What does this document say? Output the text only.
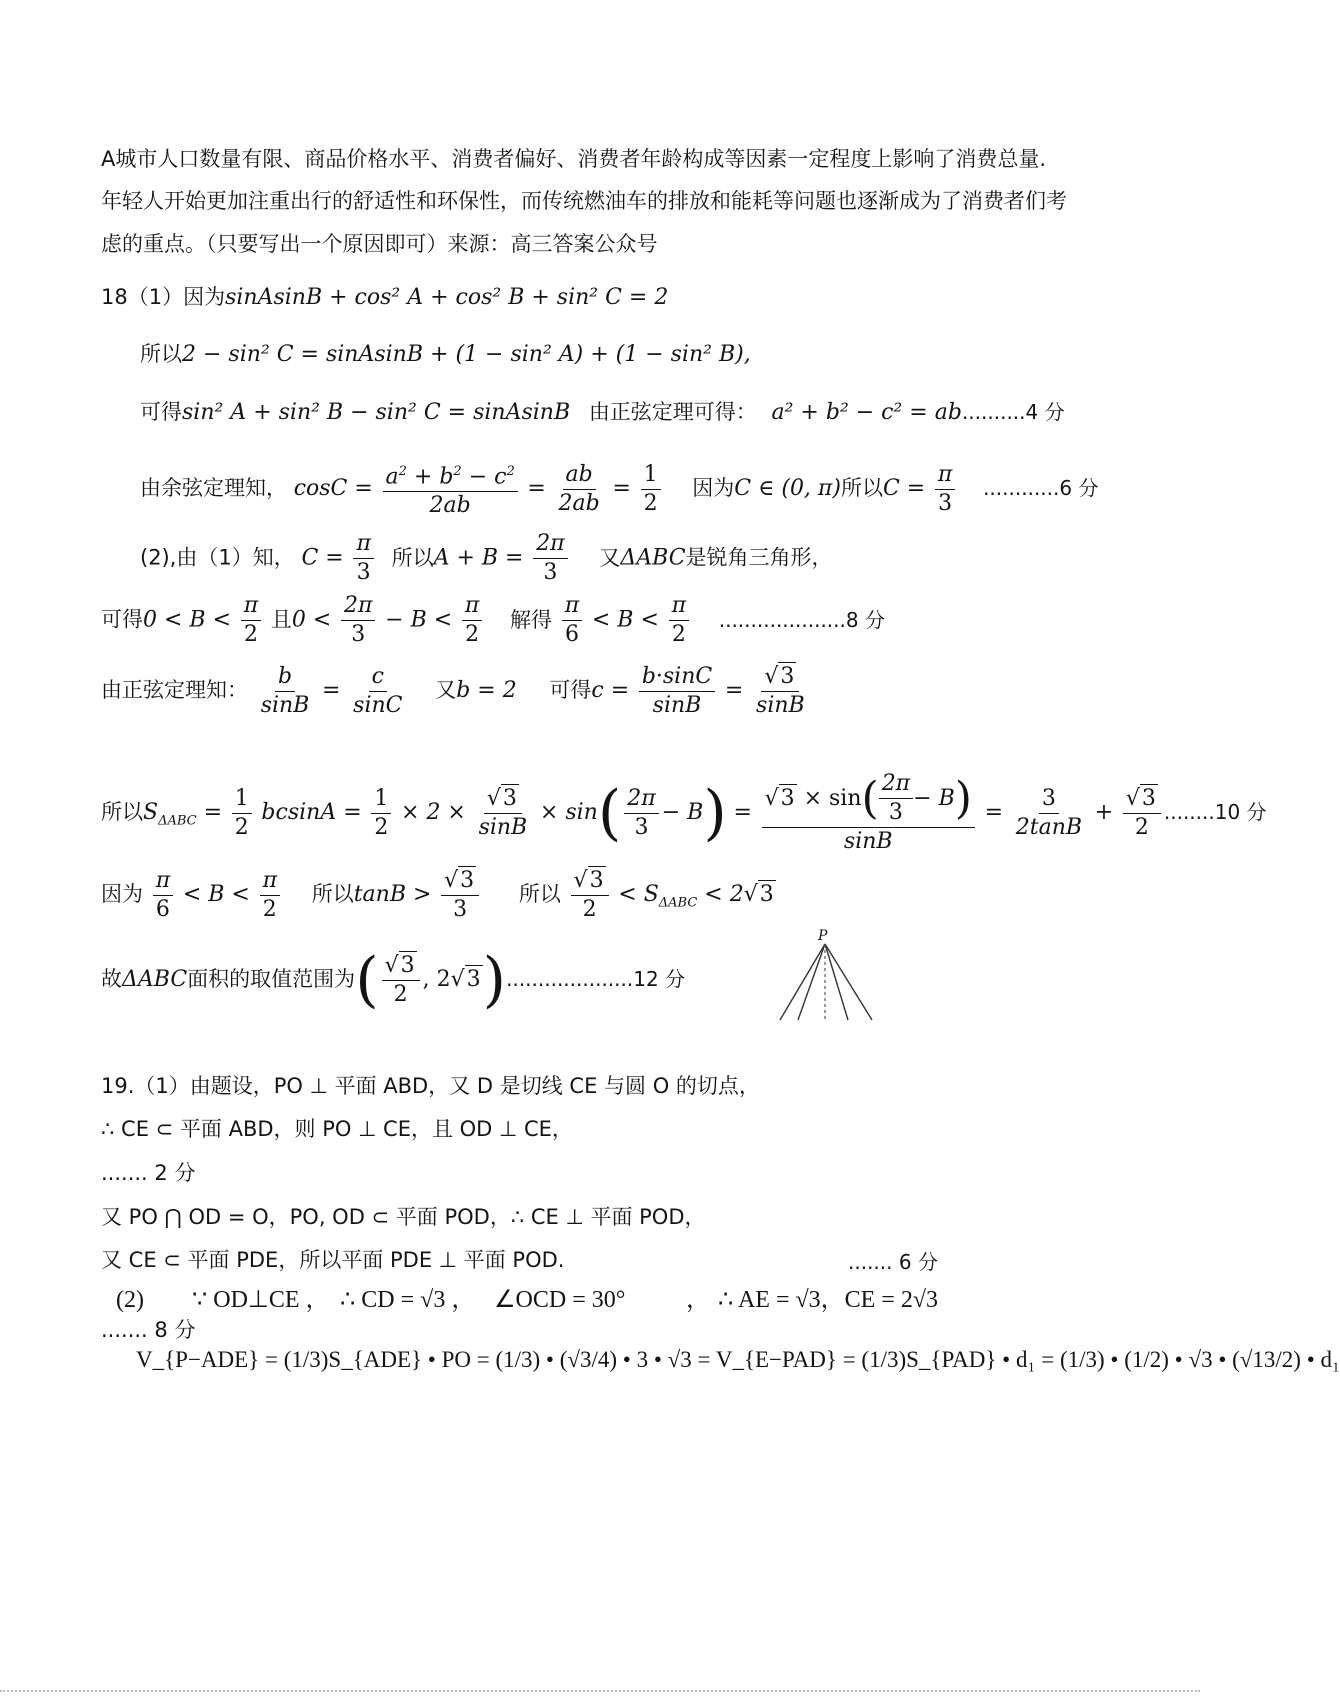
A城市人口数量有限、商品价格水平、消费者偏好、消费者年龄构成等因素一定程度上影响了消费总量.
年轻人开始更加注重出行的舒适性和环保性，而传统燃油车的排放和能耗等问题也逐渐成为了消费者们考
虑的重点。（只要写出一个原因即可）来源：高三答案公众号
18（1）因为sinAsinB + cos² A + cos² B + sin² C = 2
所以2 − sin² C = sinAsinB + (1 − sin² A) + (1 − sin² B),
可得sin² A + sin² B − sin² C = sinAsinB 由正弦定理可得： a² + b² − c² = ab..........4 分
由余弦定理知， $\cos C = \frac{a^2 + b^2 - c^2}{2ab} = \frac{ab}{2ab} = \frac{1}{2}$ 因为C ∈ (0, π)所以$C = \frac{\pi}{3} ............6$ 分
(2),由（1）知， $C = \frac{\pi}{3}$ 所以$A + B = \frac{2\pi}{3}$ 又ΔABC是锐角三角形，
可得$0 < B < \frac{\pi}{2}$ 且$0 < \frac{2\pi}{3} - B < \frac{\pi}{2}$ 解得 $\frac{\pi}{6} < B < \frac{\pi}{2} ....................8$ 分
由正弦定理知： $\frac{b}{\sin B} = \frac{c}{\sin C}$ 又b = 2 可得$c = \frac{b\cdot\sin C}{\sin B} = \frac{√3}{\sin B}$
所以$S_{\Delta ABC} = \frac{1}{2}$ $bcsinA = \frac{1}{2} \times 2 \times \frac{√3}{\sin B} \times \sin( \frac{2\pi}{3} - B) = \frac{√ 3 \times \sin ( \frac{2\pi}{3} - B )}{\sin B} = \frac{3}{2\tan B} + \frac{√3}{2} ........10$ 分
因为 $\frac{\pi}{6} < B < \frac{\pi}{2}$ 所以$\tan B > \frac{√3}{3}$ 所以 $\frac{√3}{2} < S_{\Delta ABC} < 2√3$
故ΔABC面积的取值范围为( $\frac{√3}{2}$ , 2√3)....................12 分
P
19.（1）由题设，PO ⊥ 平面 ABD，又 D 是切线 CE 与圆 O 的切点，
∴ CE ⊂ 平面 ABD，则 PO ⊥ CE，且 OD ⊥ CE，
....... 2 分
又 PO ⋂ OD = O，PO, OD ⊂ 平面 POD，∴ CE ⊥ 平面 POD，
又 CE ⊂ 平面 PDE，所以平面 PDE ⊥ 平面 POD.	....... 6 分
(2) ∵ OD⊥CE ， ∴ CD = √3 ， ∠OCD = 30°	， ∴ AE = √3，CE = 2√3
....... 8 分
V_{P−ADE} = (1/3)S_{ADE} • PO = (1/3) • (√3/4) • 3 • √3 = V_{E−PAD} = (1/3)S_{PAD} • d₁ = (1/3) • (1/2) • √3 • (√13/2) • d₁
